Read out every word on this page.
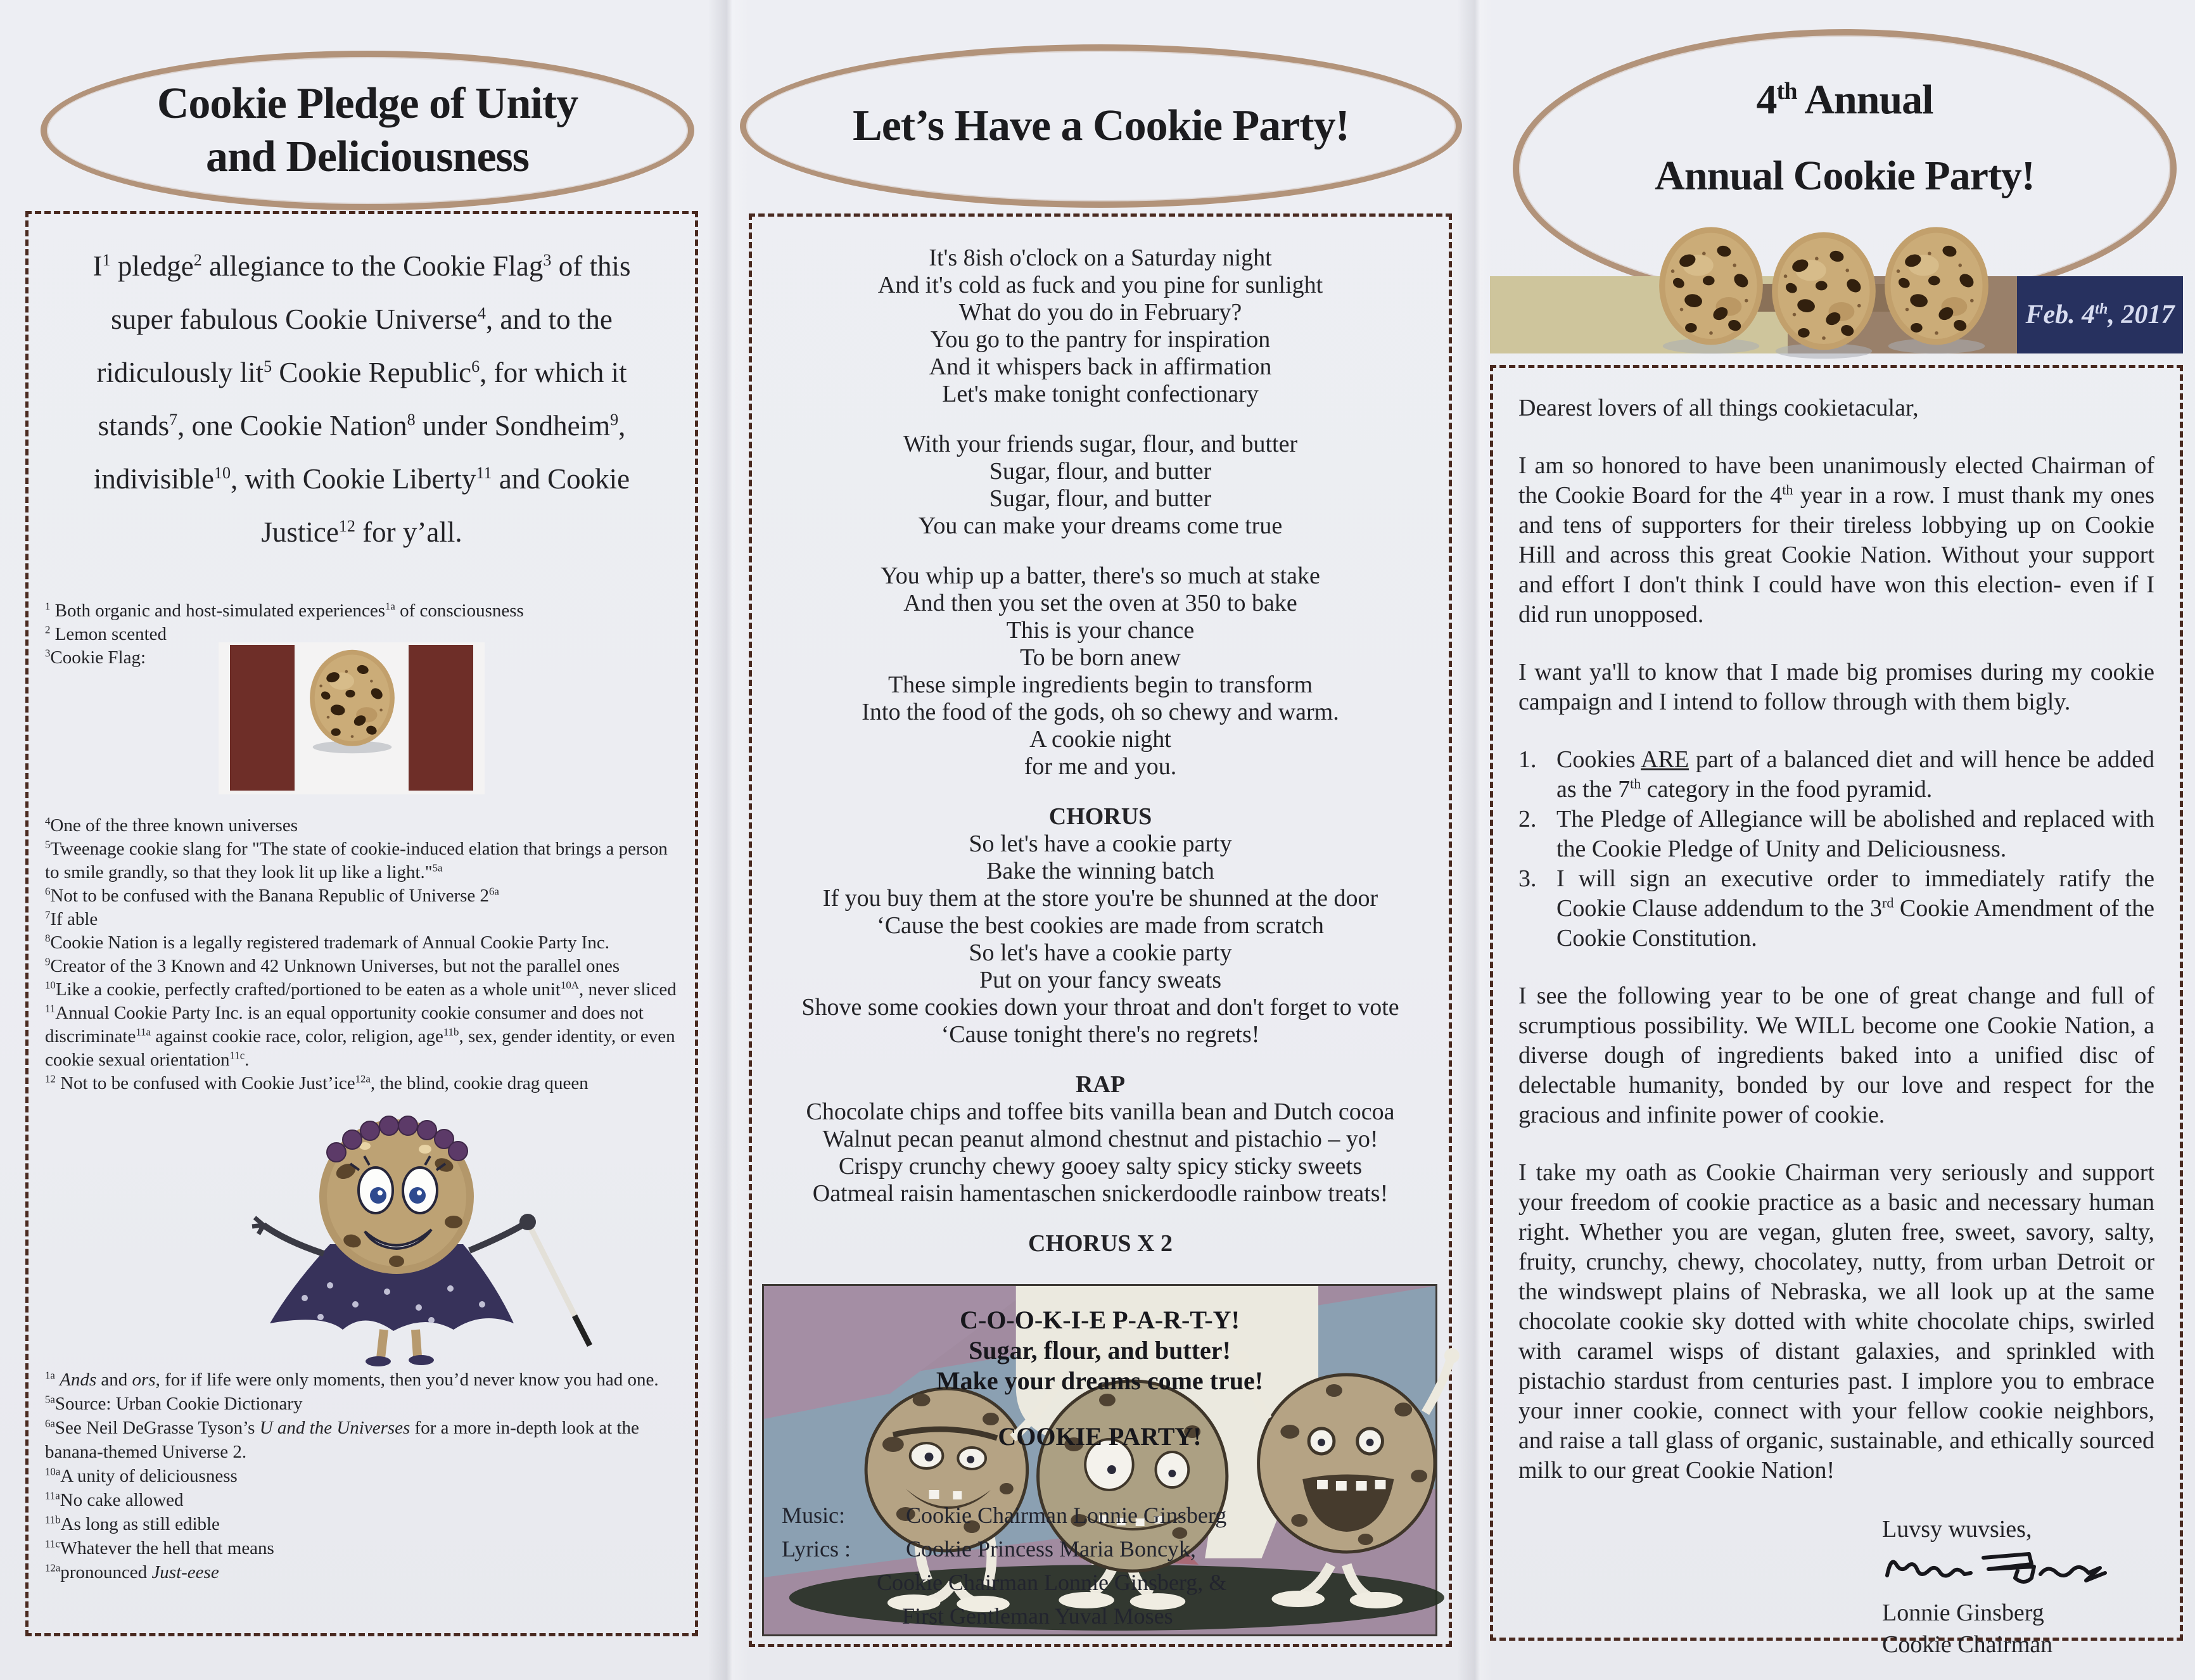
Cookie Pledge of Unity
and Deliciousness
$I^1$ pledge$^2$ allegiance to the Cookie Flag$^3$ of this
super fabulous Cookie Universe$^4$, and to the
ridiculously lit$^5$ Cookie Republic$^6$, for which it
stands$^7$, one Cookie Nation$^8$ under Sondheim$^9$,
indivisible$^{10}$, with Cookie Liberty$^{11}$ and Cookie
Justice$^{12}$ for y’all.
$^1$ Both organic and host-simulated experiences$^{1a}$ of consciousness
$^2$ Lemon scented
$^3$Cookie Flag:
$^4$One of the three known universes
$^5$Tweenage cookie slang for "The state of cookie-induced elation that brings a person to smile grandly, so that they look lit up like a light."$^{5a}$
$^6$Not to be confused with the Banana Republic of Universe $2^{6a}$
$^7$If able
$^8$Cookie Nation is a legally registered trademark of Annual Cookie Party Inc.
$^9$Creator of the 3 Known and 42 Unknown Universes, but not the parallel ones
$^{10}$Like a cookie, perfectly crafted/portioned to be eaten as a whole unit$^{10A}$, never sliced
$^{11}$Annual Cookie Party Inc. is an equal opportunity cookie consumer and does not discriminate$^{11a}$ against cookie race, color, religion, age$^{11b}$, sex, gender identity, or even cookie sexual orientation$^{11c}$.
$^{12}$ Not to be confused with Cookie Just’ice$^{12a}$, the blind, cookie drag queen
$^{1a}$ Ands and ors, for if life were only moments, then you’d never know you had one.
$^{5a}$Source: Urban Cookie Dictionary
$^{6a}$See Neil DeGrasse Tyson’s U and the Universes for a more in-depth look at the banana-themed Universe 2.
$^{10a}$A unity of deliciousness
$^{11a}$No cake allowed
$^{11b}$As long as still edible
$^{11c}$Whatever the hell that means
$^{12a}$pronounced Just-eese
Let’s Have a Cookie Party!
It's 8ish o'clock on a Saturday night
And it's cold as fuck and you pine for sunlight
What do you do in February?
You go to the pantry for inspiration
And it whispers back in affirmation
Let's make tonight confectionary
With your friends sugar, flour, and butter
Sugar, flour, and butter
Sugar, flour, and butter
You can make your dreams come true
You whip up a batter, there's so much at stake
And then you set the oven at 350 to bake
This is your chance
To be born anew
These simple ingredients begin to transform
Into the food of the gods, oh so chewy and warm.
A cookie night
for me and you.
CHORUS
So let's have a cookie party
Bake the winning batch
If you buy them at the store you're be shunned at the door
‘Cause the best cookies are made from scratch
So let's have a cookie party
Put on your fancy sweats
Shove some cookies down your throat and don't forget to vote
‘Cause tonight there's no regrets!
RAP
Chocolate chips and toffee bits vanilla bean and Dutch cocoa
Walnut pecan peanut almond chestnut and pistachio – yo!
Crispy crunchy chewy gooey salty spicy sticky sweets
Oatmeal raisin hamentaschen snickerdoodle rainbow treats!
CHORUS X 2
C-O-O-K-I-E P-A-R-T-Y!
Sugar, flour, and butter!
Make your dreams come true!
COOKIE PARTY!
Music:	Cookie Chairman Lonnie Ginsberg
Lyrics :	Cookie Princess Maria Boncyk,
Cookie Chairman Lonnie Ginsberg, &
First Gentleman Yuval Moses
4th Annual
Annual Cookie Party!
Feb. 4th, 2017
Dearest lovers of all things cookietacular,

I am so honored to have been unanimously elected Chairman of the Cookie Board for the 4th year in a row. I must thank my ones and tens of supporters for their tireless lobbying up on Cookie Hill and across this great Cookie Nation. Without your support and effort I don't think I could have won this election- even if I did run unopposed.

I want ya'll to know that I made big promises during my cookie campaign and I intend to follow through with them bigly.

1. Cookies ARE part of a balanced diet and will hence be added as the 7th category in the food pyramid.
2. The Pledge of Allegiance will be abolished and replaced with the Cookie Pledge of Unity and Deliciousness.
3. I will sign an executive order to immediately ratify the Cookie Clause addendum to the 3rd Cookie Amendment of the Cookie Constitution.

I see the following year to be one of great change and full of scrumptious possibility. We WILL become one Cookie Nation, a diverse dough of ingredients baked into a unified disc of delectable humanity, bonded by our love and respect for the gracious and infinite power of cookie.

I take my oath as Cookie Chairman very seriously and support your freedom of cookie practice as a basic and necessary human right. Whether you are vegan, gluten free, sweet, savory, salty, fruity, crunchy, chewy, chocolatey, nutty, from urban Detroit or the windswept plains of Nebraska, we all look up at the same chocolate cookie sky dotted with white chocolate chips, swirled with caramel wisps of distant galaxies, and sprinkled with pistachio stardust from centuries past. I implore you to embrace your inner cookie, connect with your fellow cookie neighbors, and raise a tall glass of organic, sustainable, and ethically sourced milk to our great Cookie Nation!

Luvsy wuvsies,
Lonnie Ginsberg
Cookie Chairman
